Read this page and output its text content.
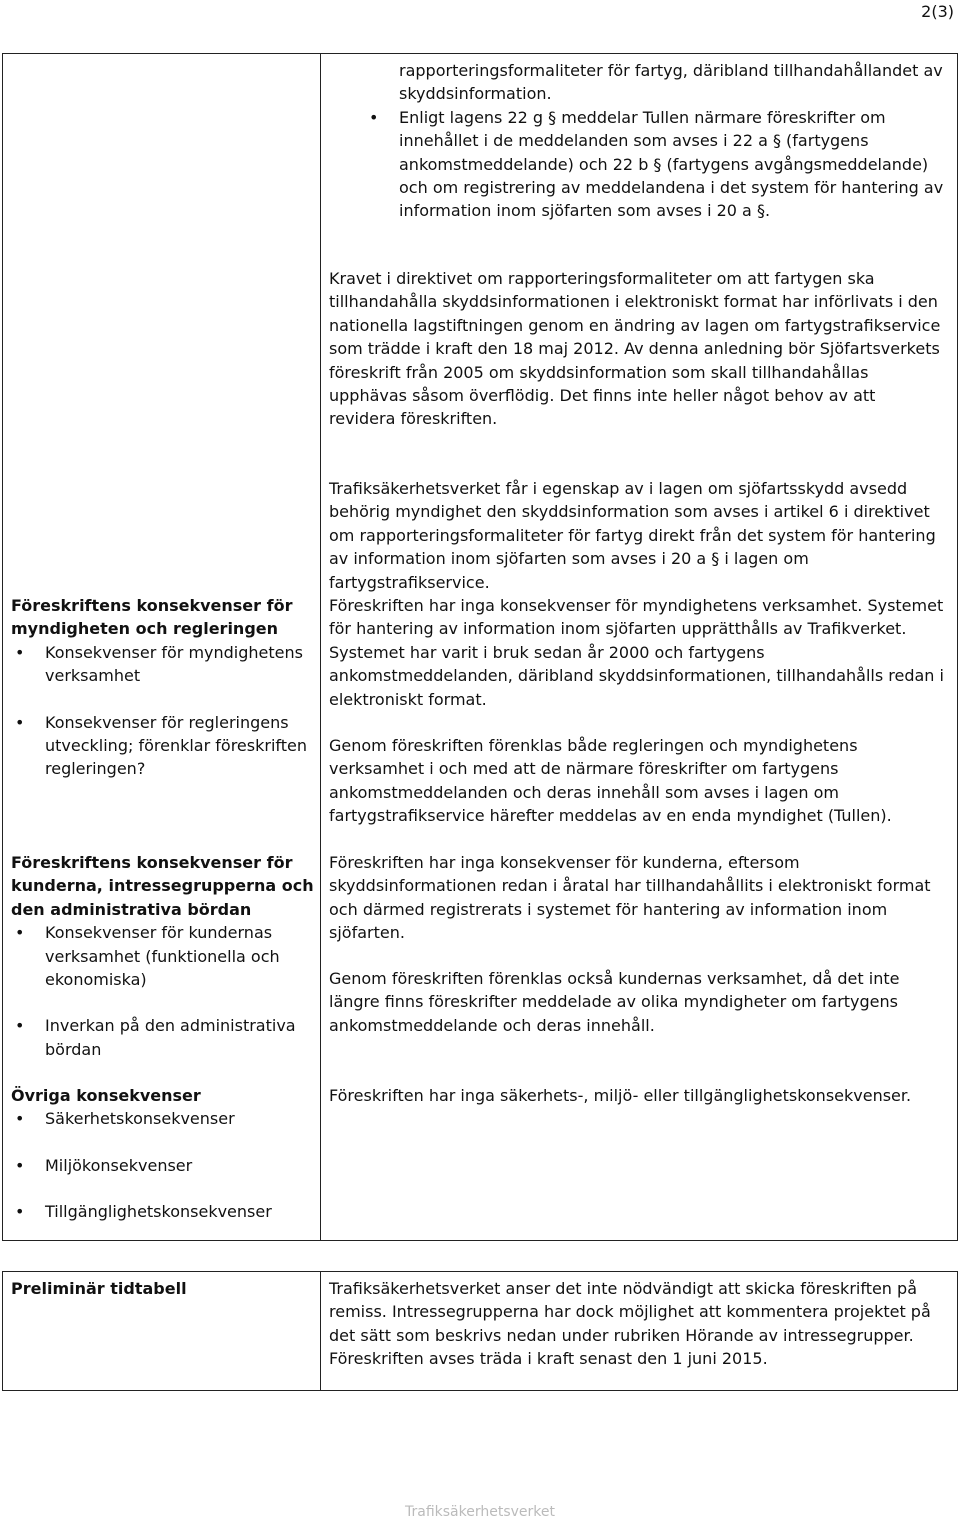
2(3)

rapporteringsformaliteter för fartyg, däribland tillhandahållandet av skyddsinformation.

• Enligt lagens 22 g § meddelar Tullen närmare föreskrifter om innehållet i de meddelanden som avses i 22 a § (fartygens ankomstmeddelande) och 22 b § (fartygens avgångsmeddelande) och om registrering av meddelandena i det system för hantering av information inom sjöfarten som avses i 20 a §.

Kravet i direktivet om rapporteringsformaliteter om att fartygen ska tillhandahålla skyddsinformationen i elektroniskt format har införlivats i den nationella lagstiftningen genom en ändring av lagen om fartygstrafikservice som trädde i kraft den 18 maj 2012. Av denna anledning bör Sjöfartsverkets föreskrift från 2005 om skyddsinformation som skall tillhandahållas upphävas såsom överflödig. Det finns inte heller något behov av att revidera föreskriften.

Trafiksäkerhetsverket får i egenskap av i lagen om sjöfartsskydd avsedd behörig myndighet den skyddsinformation som avses i artikel 6 i direktivet om rapporteringsformaliteter för fartyg direkt från det system för hantering av information inom sjöfarten som avses i 20 a § i lagen om fartygstrafikservice.

Föreskriften har inga konsekvenser för myndighetens verksamhet. Systemet för hantering av information inom sjöfarten upprätthålls av Trafikverket. Systemet har varit i bruk sedan år 2000 och fartygens ankomstmeddelanden, däribland skyddsinformationen, tillhandahålls redan i elektroniskt format.

Genom föreskriften förenklas både regleringen och myndighetens verksamhet i och med att de närmare föreskrifter om fartygens ankomstmeddelanden och deras innehåll som avses i lagen om fartygstrafikservice härefter meddelas av en enda myndighet (Tullen).

Föreskriften har inga konsekvenser för kunderna, eftersom skyddsinformationen redan i åratal har tillhandahållits i elektroniskt format och därmed registrerats i systemet för hantering av information inom sjöfarten.

Genom föreskriften förenklas också kundernas verksamhet, då det inte längre finns föreskrifter meddelade av olika myndigheter om fartygens ankomstmeddelande och deras innehåll.

Föreskriften har inga säkerhets-, miljö- eller tillgänglighetskonsekvenser.

Föreskriftens konsekvenser för myndigheten och regleringen

• Konsekvenser för myndighetens verksamhet

• Konsekvenser för regleringens utveckling; förenklar föreskriften regleringen?

Föreskriftens konsekvenser för kunderna, intressegrupperna och den administrativa bördan

• Konsekvenser för kundernas verksamhet (funktionella och ekonomiska)

• Inverkan på den administrativa bördan

Övriga konsekvenser

• Säkerhetskonsekvenser

• Miljökonsekvenser

• Tillgänglighetskonsekvenser

Preliminär tidtabell	Trafiksäkerhetsverket anser det inte nödvändigt att skicka föreskriften på remiss. Intressegrupperna har dock möjlighet att kommentera projektet på det sätt som beskrivs nedan under rubriken Hörande av intressegrupper. Föreskriften avses träda i kraft senast den 1 juni 2015.

Trafiksäkerhetsverket
